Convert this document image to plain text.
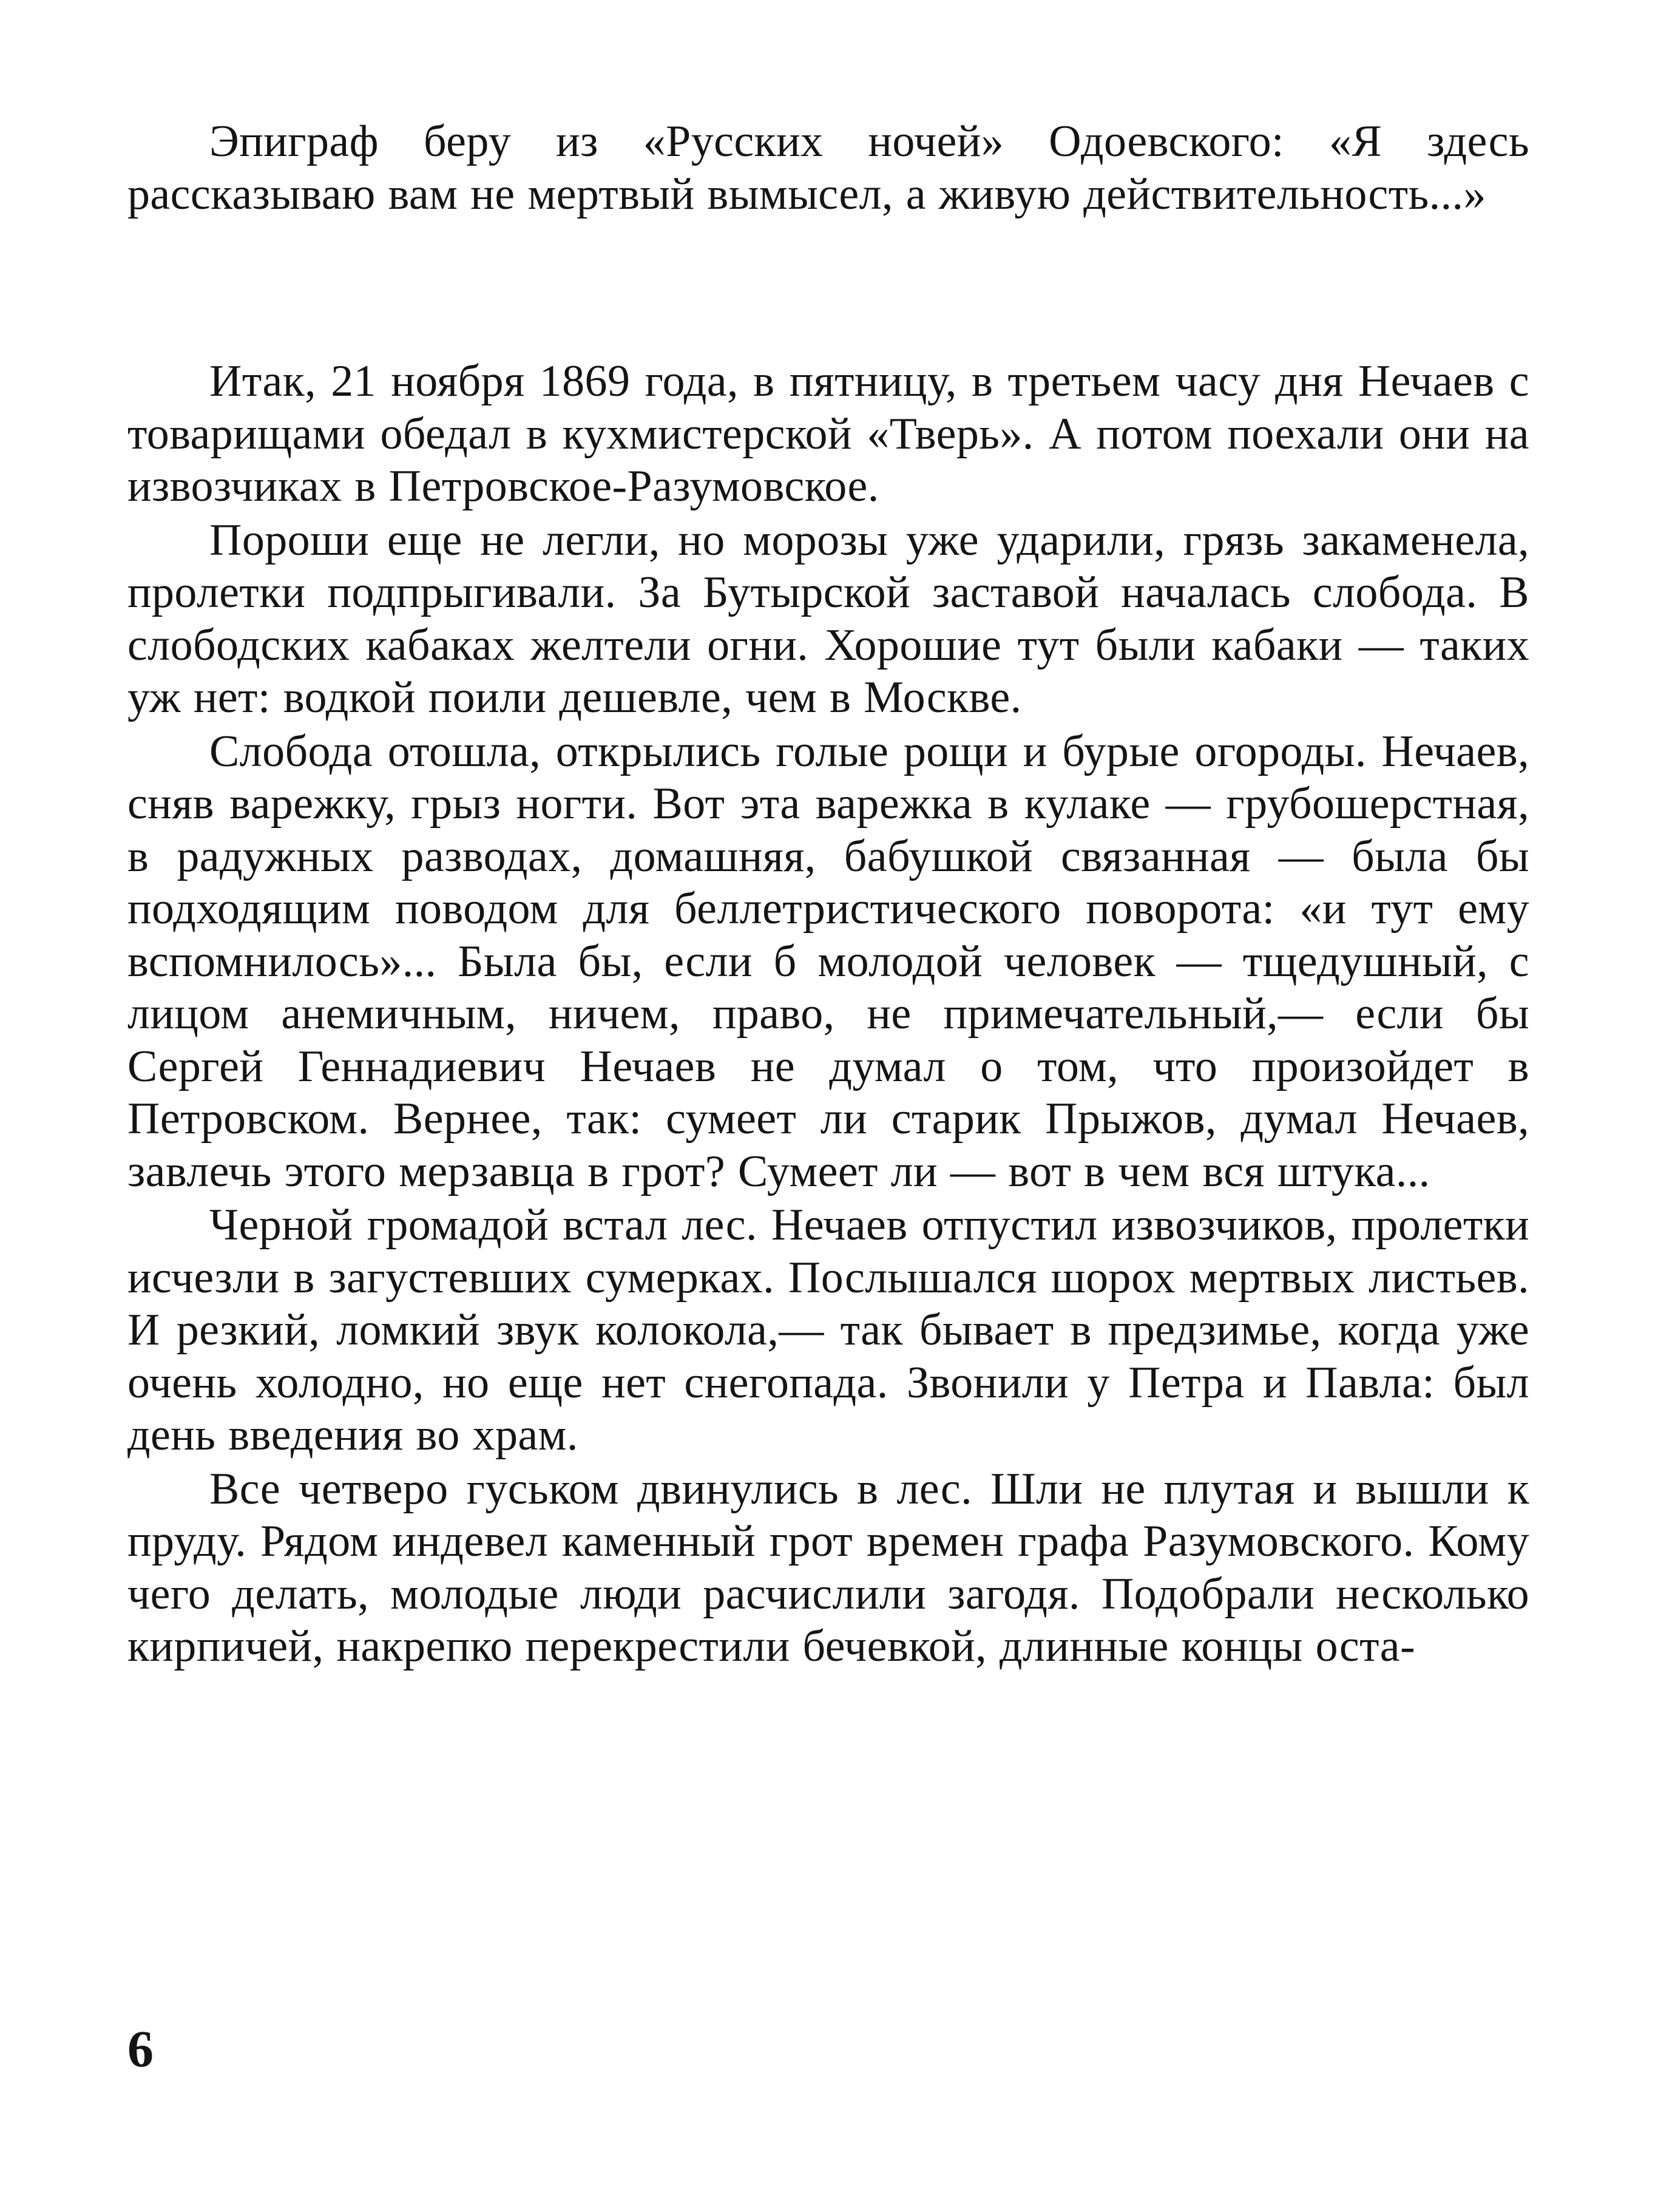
Эпиграф беру из «Русских ночей» Одоевского: «Я здесь рассказываю вам не мертвый вымысел, а живую действительность...»

Итак, 21 ноября 1869 года, в пятницу, в третьем часу дня Нечаев с товарищами обедал в кухмистерской «Тверь». А потом поехали они на извозчиках в Петровское-Разумовское.

Пороши еще не легли, но морозы уже ударили, грязь закаменела, пролетки подпрыгивали. За Бутырской заставой началась слобода. В слободских кабаках желтели огни. Хорошие тут были кабаки — таких уж нет: водкой поили дешевле, чем в Москве.

Слобода отошла, открылись голые рощи и бурые огороды. Нечаев, сняв варежку, грыз ногти. Вот эта варежка в кулаке — грубошерстная, в радужных разводах, домашняя, бабушкой связанная — была бы подходящим поводом для беллетристического поворота: «и тут ему вспомнилось»... Была бы, если б молодой человек — тщедушный, с лицом анемичным, ничем, право, не примечательный,— если бы Сергей Геннадиевич Нечаев не думал о том, что произойдет в Петровском. Вернее, так: сумеет ли старик Прыжов, думал Нечаев, завлечь этого мерзавца в грот? Сумеет ли — вот в чем вся штука...

Черной громадой встал лес. Нечаев отпустил извозчиков, пролетки исчезли в загустевших сумерках. Послышался шорох мертвых листьев. И резкий, ломкий звук колокола,— так бывает в предзимье, когда уже очень холодно, но еще нет снегопада. Звонили у Петра и Павла: был день введения во храм.

Все четверо гуськом двинулись в лес. Шли не плутая и вышли к пруду. Рядом индевел каменный грот времен графа Разумовского. Кому чего делать, молодые люди расчислили загодя. Подобрали несколько кирпичей, накрепко перекрестили бечевкой, длинные концы оста-

6
